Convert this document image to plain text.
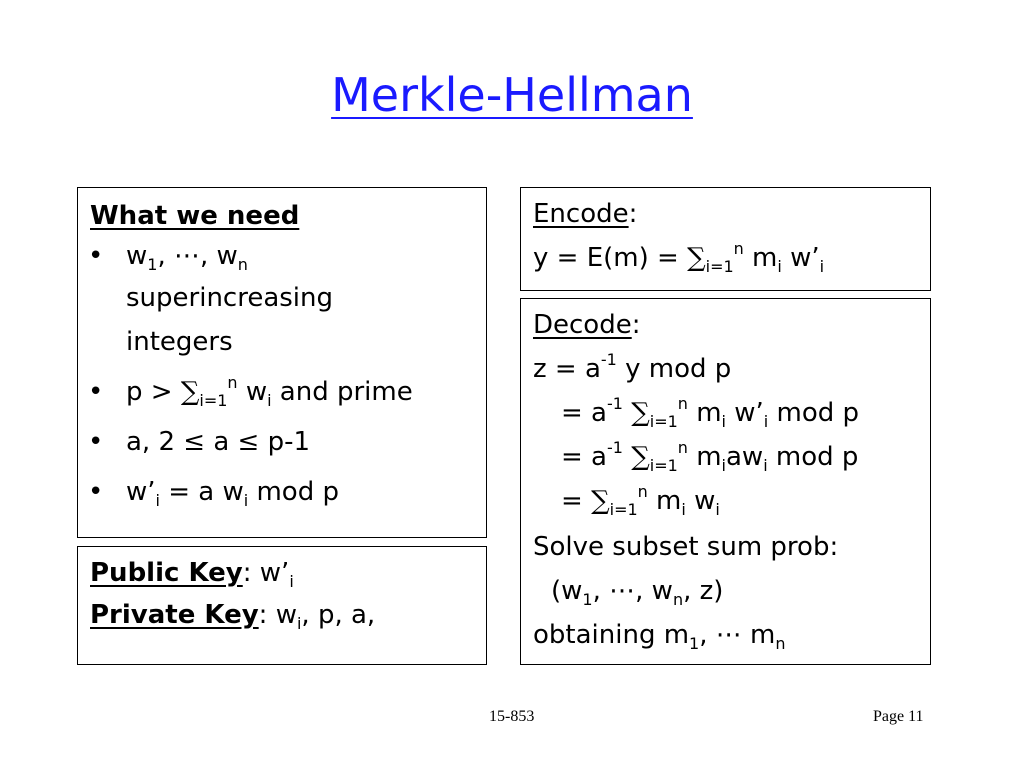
Merkle-Hellman
What we need
• $w_1$, ⋯, $w_n$
superincreasing
integers
• $p > \sum_{i=1}^n$ $w_i$ and prime
• a, 2 ≤ a ≤ p-1
• $w’_i = a$ $w_i$ mod p
Public Key: $w’_i$
Private Key: $w_i$, p, a,
Encode:
$y = E(m) = \sum_{i=1}^n$ $m_i$ $w’_i$
Decode:
$z = a^{-1}$ y mod p
= $a^{-1}$ $\sum_{i=1}^n$ $m_i$ $w’_i$ mod p
= $a^{-1}$ $\sum_{i=1}^n$ $m_iaw_i$ mod p
= $\sum_{i=1}^n$ $m_i$ $w_i$
Solve subset sum prob:
($w_1$, ⋯, $w_n$, z)
obtaining $m_1$, ⋯ $m_n$
15-853	Page 11
